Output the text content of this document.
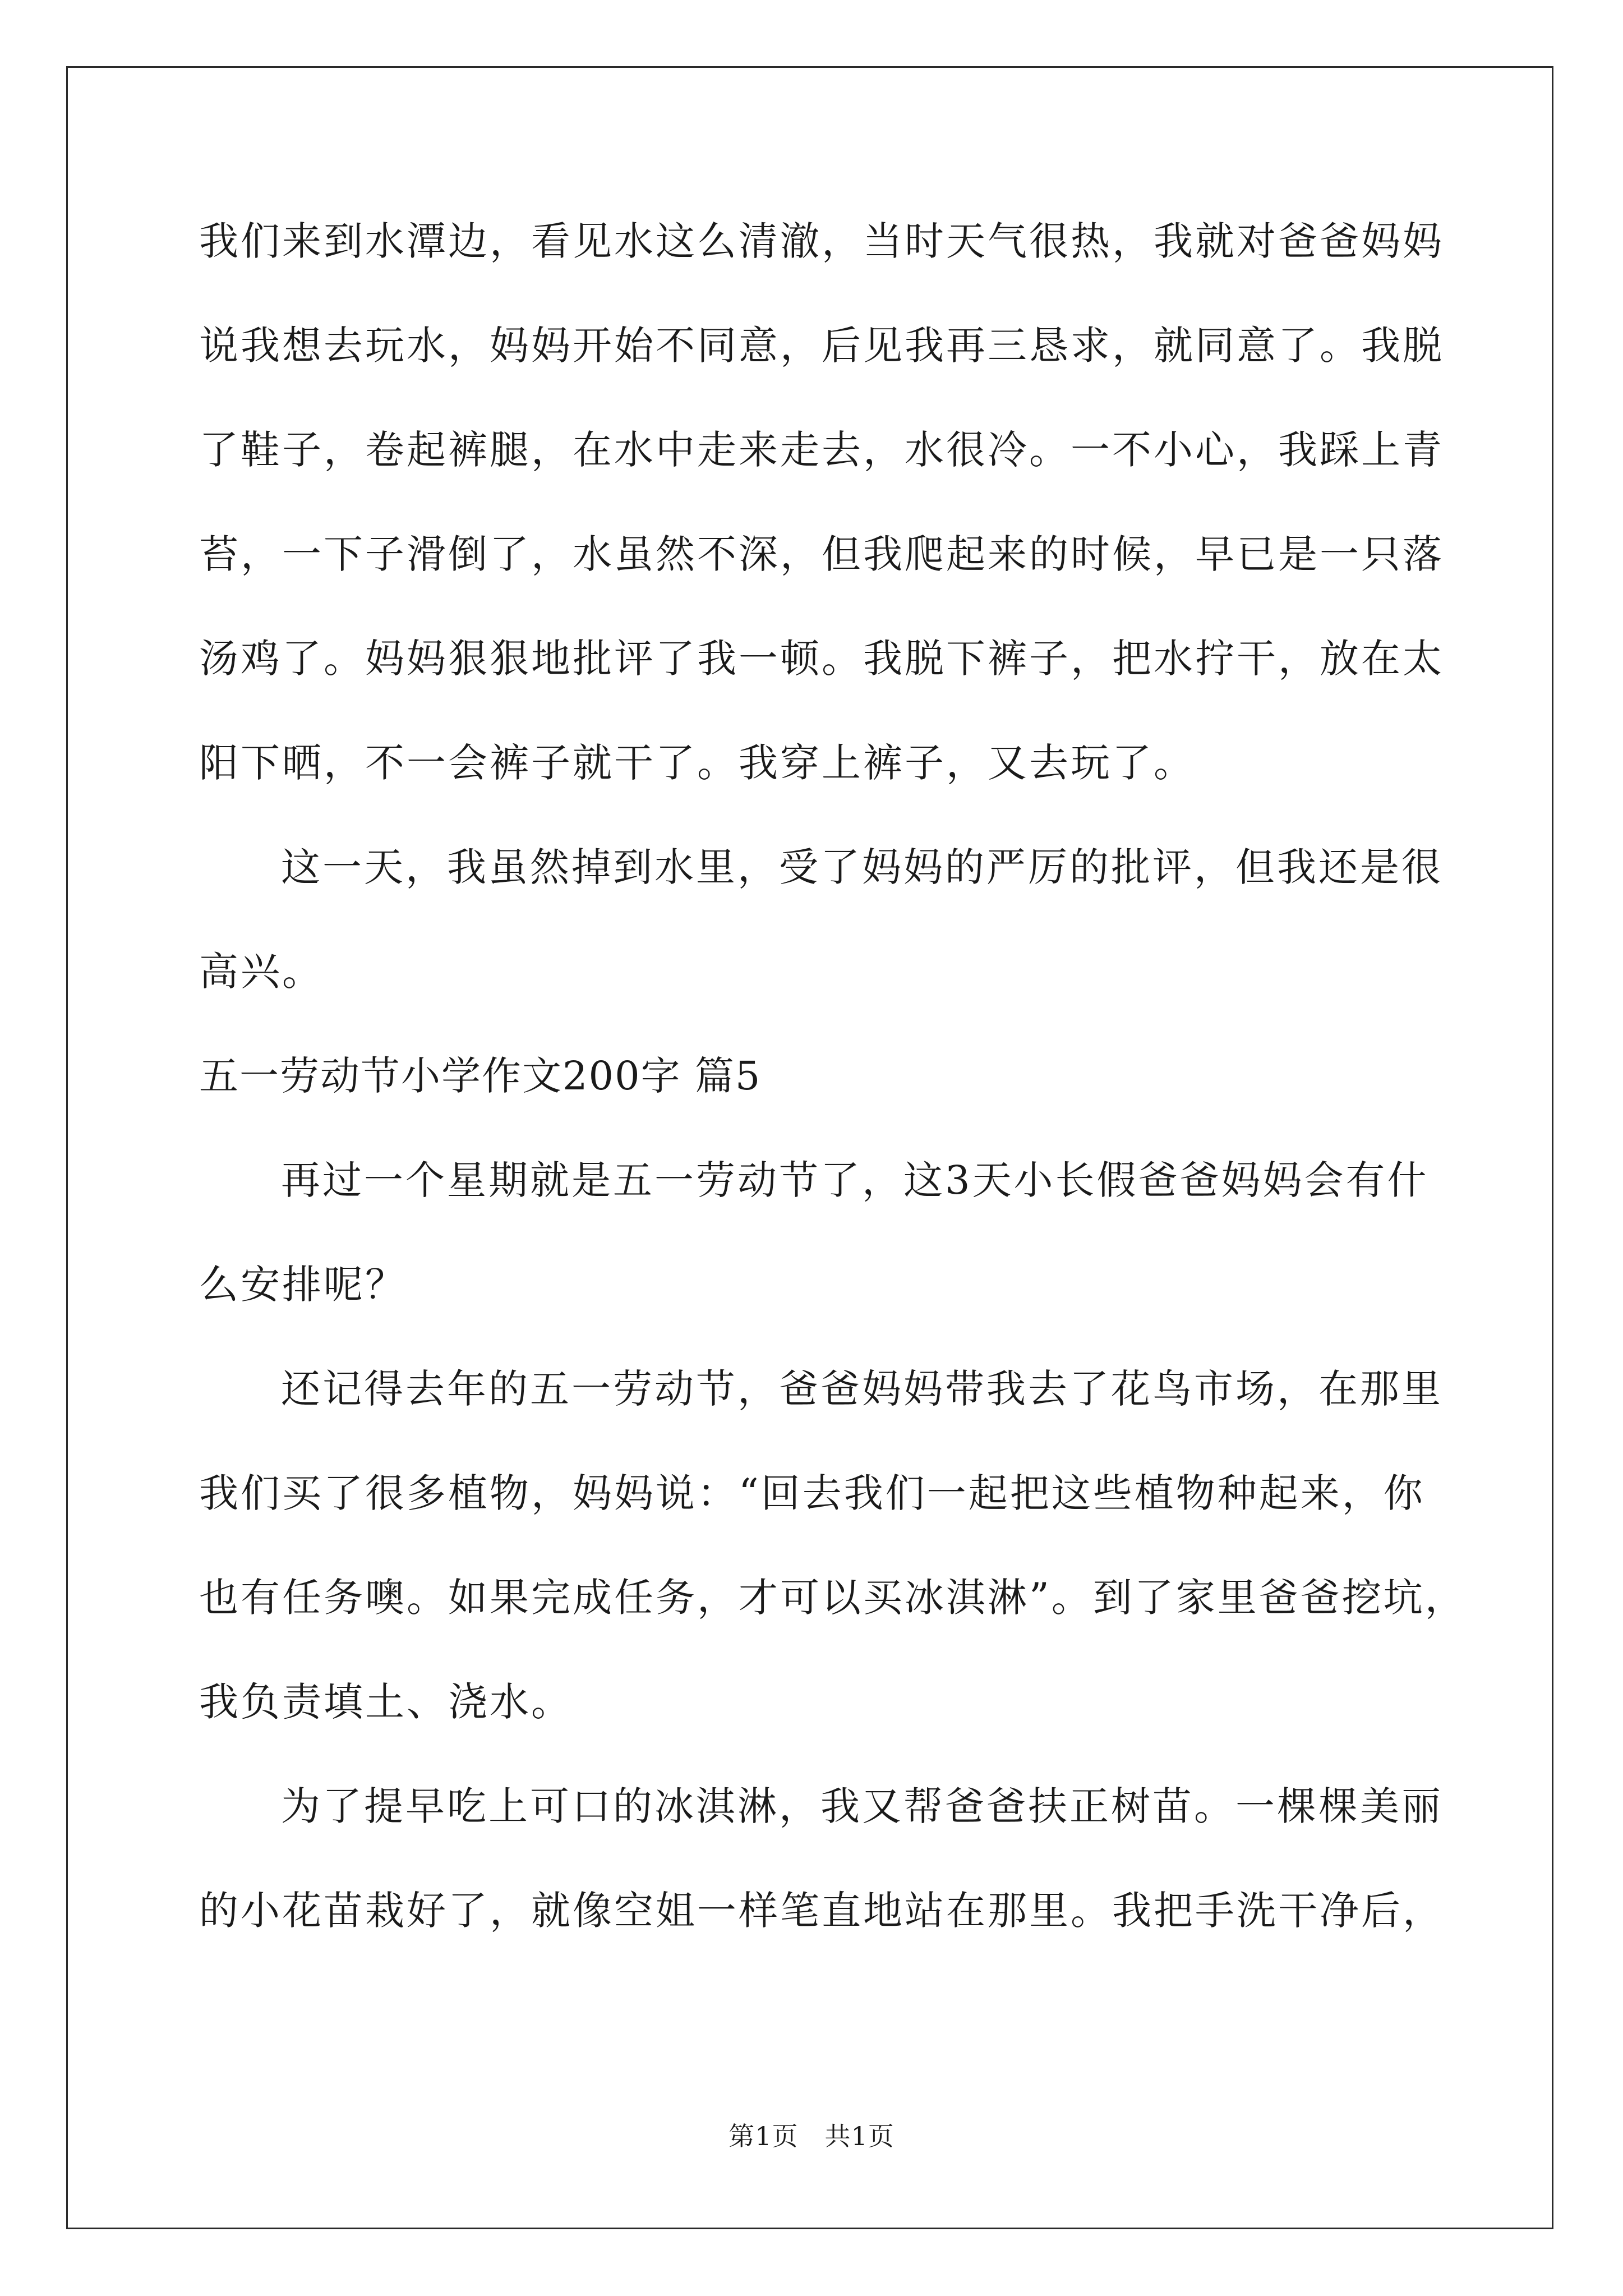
我们来到水潭边，看见水这么清澈，当时天气很热，我就对爸爸妈妈
说我想去玩水，妈妈开始不同意，后见我再三恳求，就同意了。我脱
了鞋子，卷起裤腿，在水中走来走去，水很冷。一不小心，我踩上青
苔，一下子滑倒了，水虽然不深，但我爬起来的时候，早已是一只落
汤鸡了。妈妈狠狠地批评了我一顿。我脱下裤子，把水拧干，放在太
阳下晒，不一会裤子就干了。我穿上裤子，又去玩了。
这一天，我虽然掉到水里，受了妈妈的严厉的批评，但我还是很
高兴。
五一劳动节小学作文200字 篇5
再过一个星期就是五一劳动节了，这3天小长假爸爸妈妈会有什
么安排呢？
还记得去年的五一劳动节，爸爸妈妈带我去了花鸟市场，在那里
我们买了很多植物，妈妈说：“回去我们一起把这些植物种起来，你
也有任务噢。如果完成任务，才可以买冰淇淋”。到了家里爸爸挖坑，
我负责填土、浇水。
为了提早吃上可口的冰淇淋，我又帮爸爸扶正树苗。一棵棵美丽
的小花苗栽好了，就像空姐一样笔直地站在那里。我把手洗干净后，
第1页　共1页
